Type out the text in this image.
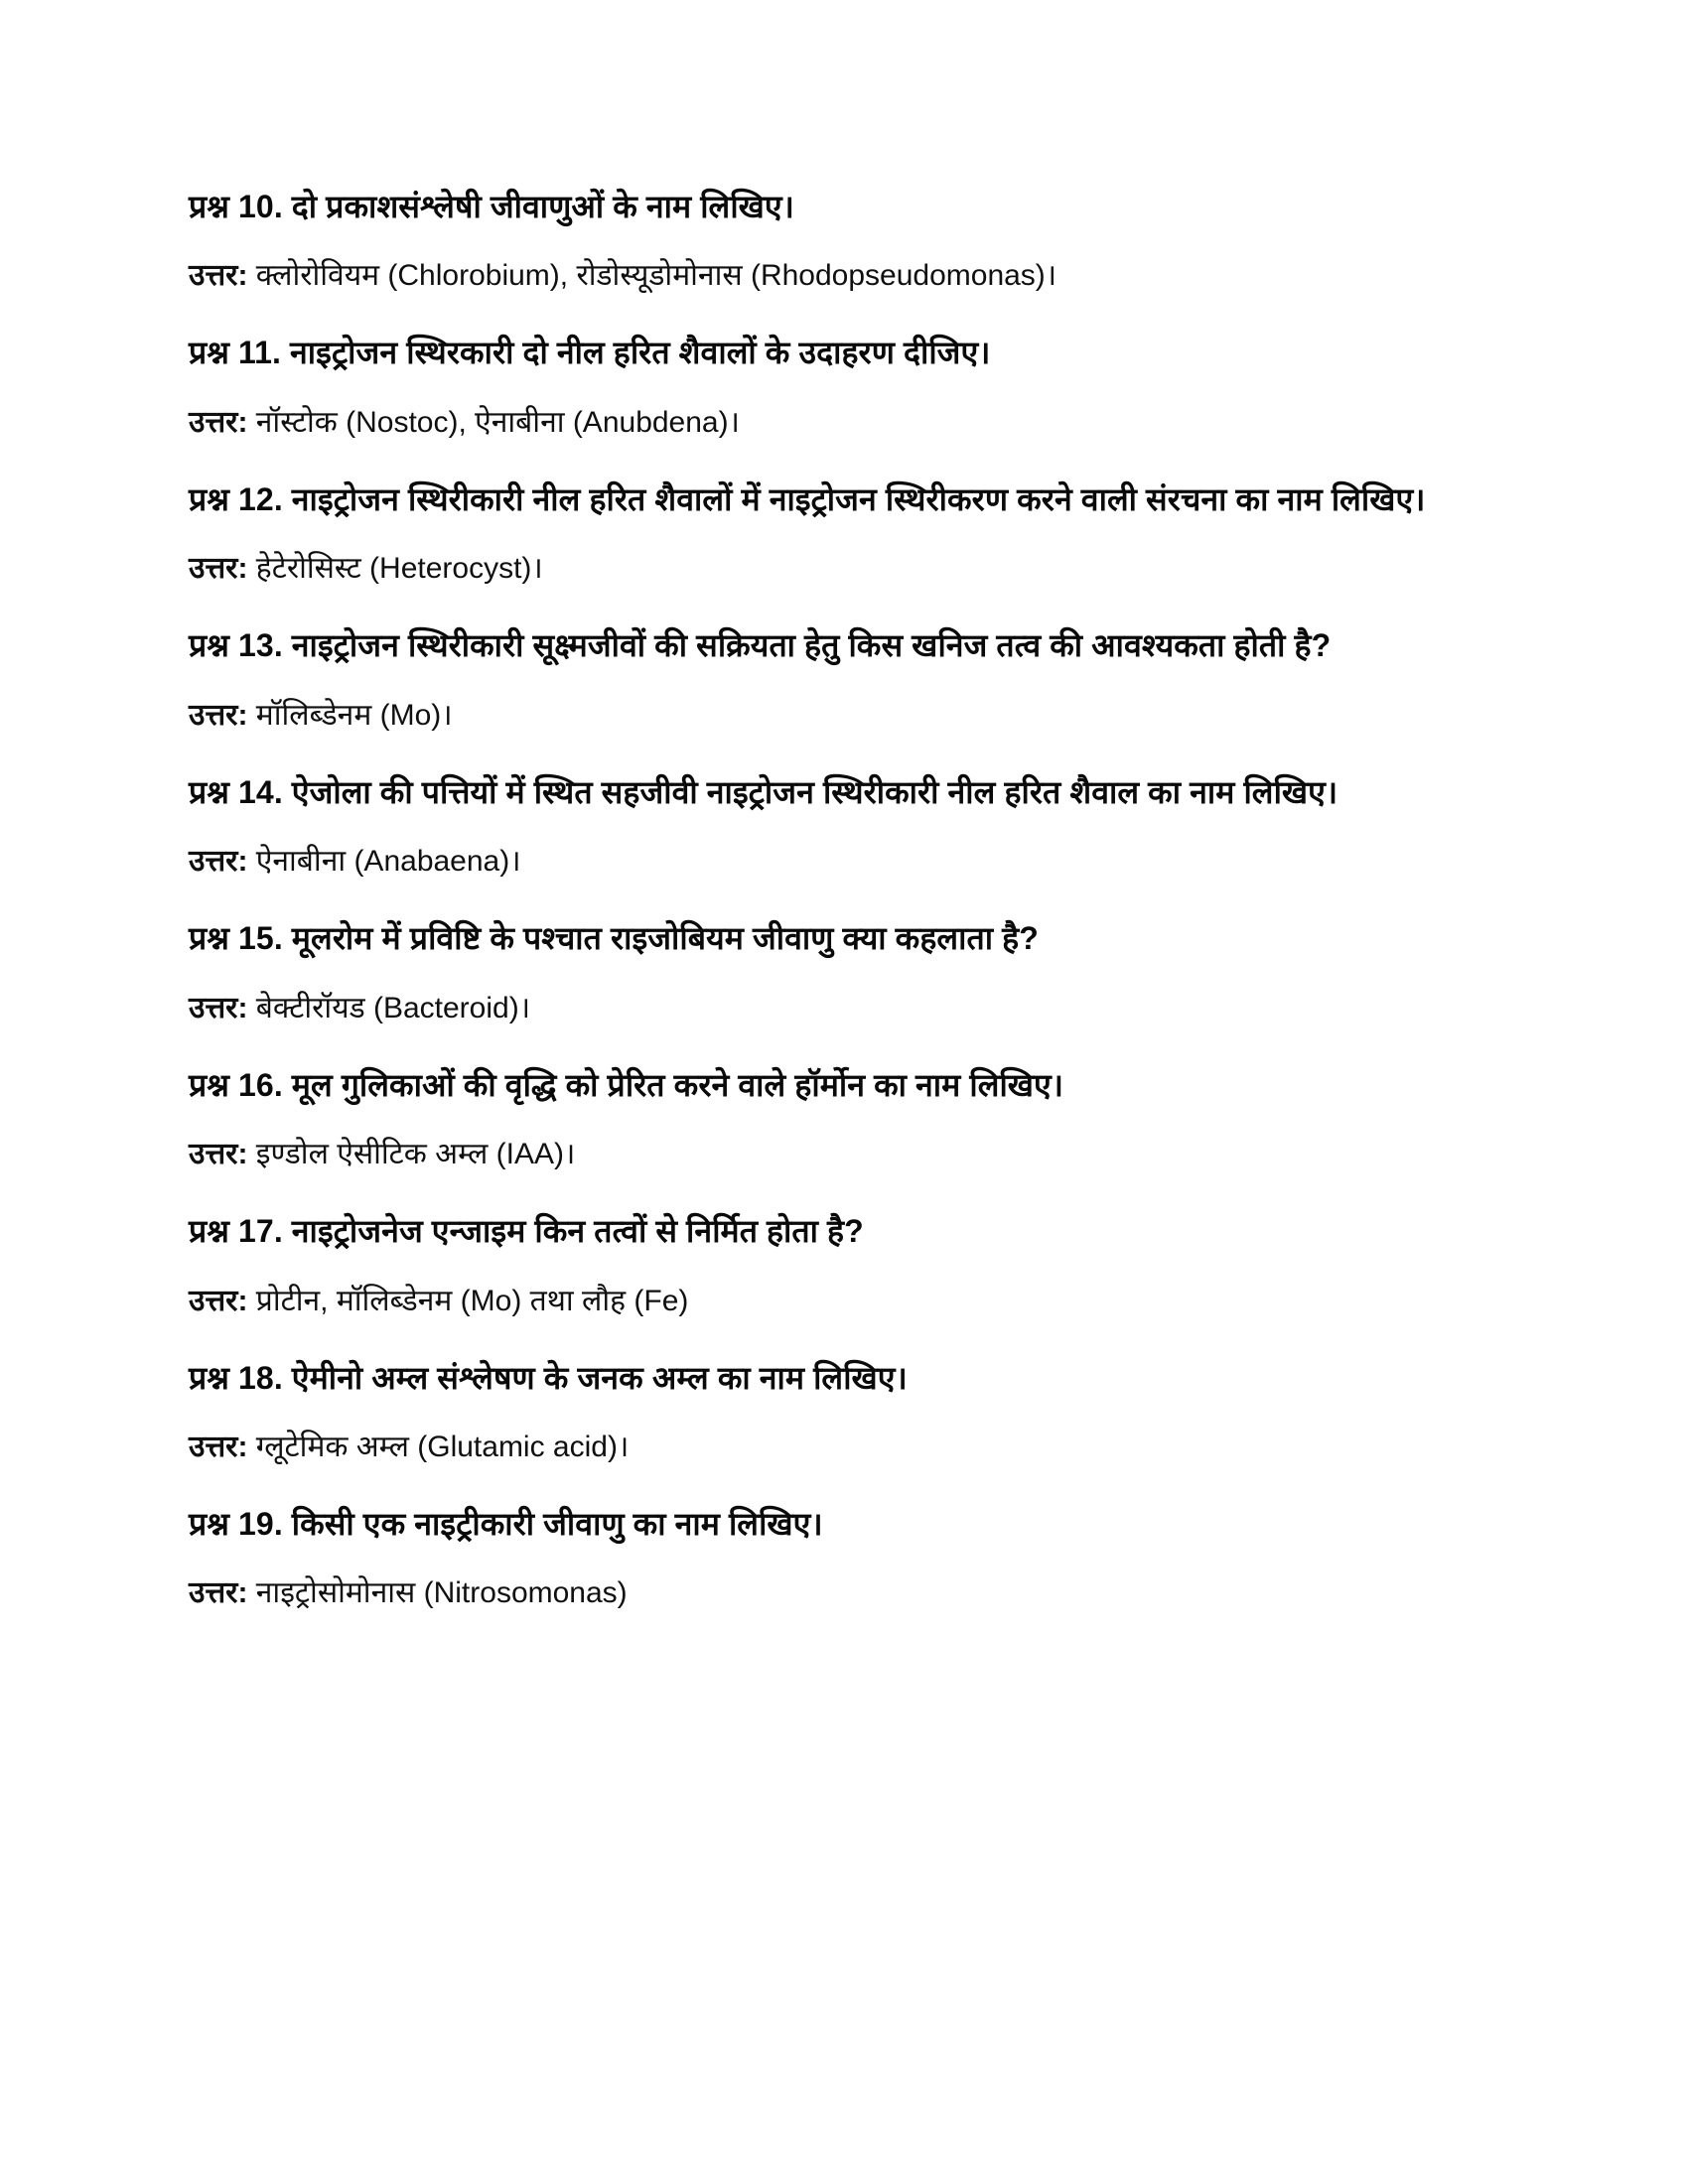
प्रश्न 10. दो प्रकाशसंश्लेषी जीवाणुओं के नाम लिखिए।

उत्तर: क्लोरोवियम (Chlorobium), रोडोस्यूडोमोनास (Rhodopseudomonas)।

प्रश्न 11. नाइट्रोजन स्थिरकारी दो नील हरित शैवालों के उदाहरण दीजिए।

उत्तर: नॉस्टोक (Nostoc), ऐनाबीना (Anubdena)।

प्रश्न 12. नाइट्रोजन स्थिरीकारी नील हरित शैवालों में नाइट्रोजन स्थिरीकरण करने वाली संरचना का नाम लिखिए।

उत्तर: हेटेरोसिस्ट (Heterocyst)।

प्रश्न 13. नाइट्रोजन स्थिरीकारी सूक्ष्मजीवों की सक्रियता हेतु किस खनिज तत्व की आवश्यकता होती है?

उत्तर: मॉलिब्डेनम (Mo)।

प्रश्न 14. ऐजोला की पत्तियों में स्थित सहजीवी नाइट्रोजन स्थिरीकारी नील हरित शैवाल का नाम लिखिए।

उत्तर: ऐनाबीना (Anabaena)।

प्रश्न 15. मूलरोम में प्रविष्टि के पश्चात राइजोबियम जीवाणु क्या कहलाता है?

उत्तर: बेक्टीरॉयड (Bacteroid)।

प्रश्न 16. मूल गुलिकाओं की वृद्धि को प्रेरित करने वाले हॉर्मोन का नाम लिखिए।

उत्तर: इण्डोल ऐसीटिक अम्ल (IAA)।

प्रश्न 17. नाइट्रोजनेज एन्जाइम किन तत्वों से निर्मित होता है?

उत्तर: प्रोटीन, मॉलिब्डेनम (Mo) तथा लौह (Fe)

प्रश्न 18. ऐमीनो अम्ल संश्लेषण के जनक अम्ल का नाम लिखिए।

उत्तर: ग्लूटेमिक अम्ल (Glutamic acid)।

प्रश्न 19. किसी एक नाइट्रीकारी जीवाणु का नाम लिखिए।

उत्तर: नाइट्रोसोमोनास (Nitrosomonas)
